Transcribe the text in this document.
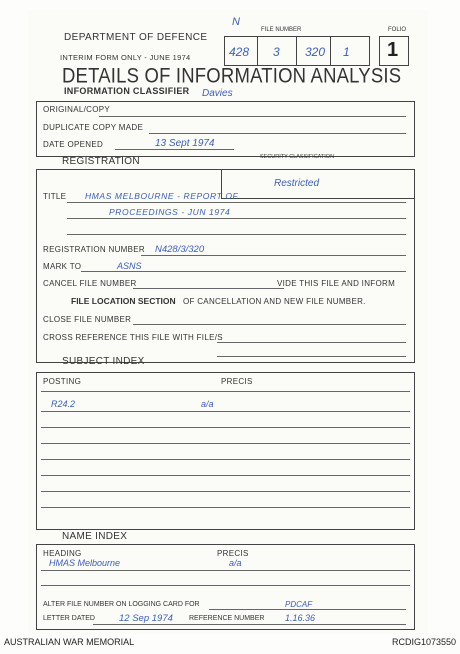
DEPARTMENT OF DEFENCE
INTERIM FORM ONLY - JUNE 1974
DETAILS OF INFORMATION ANALYSIS
INFORMATION CLASSIFIER Davies
N
FILE NUMBER
428 3 320 1
FOLIO
1
ORIGINAL/COPY
DUPLICATE COPY MADE
DATE OPENED	13 Sept 1974
REGISTRATION	SECURITY CLASSIFICATION
Restricted
TITLE HMAS MELBOURNE - REPORT OF
PROCEEDINGS - JUN 1974
REGISTRATION NUMBER N428/3/320
MARK TO	ASNS
CANCEL FILE NUMBER	VIDE THIS FILE AND INFORM
FILE LOCATION SECTION OF CANCELLATION AND NEW FILE NUMBER.
CLOSE FILE NUMBER
CROSS REFERENCE THIS FILE WITH FILE/S
SUBJECT INDEX
POSTING	PRECIS
R24.2	a/a
NAME INDEX
HEADING	PRECIS
HMAS Melbourne	a/a
ALTER FILE NUMBER ON LOGGING CARD FOR	PDCAF
LETTER DATED	12 Sep 1974 REFERENCE NUMBER 1.16.36
AUSTRALIAN WAR MEMORIAL	RCDIG1073550
